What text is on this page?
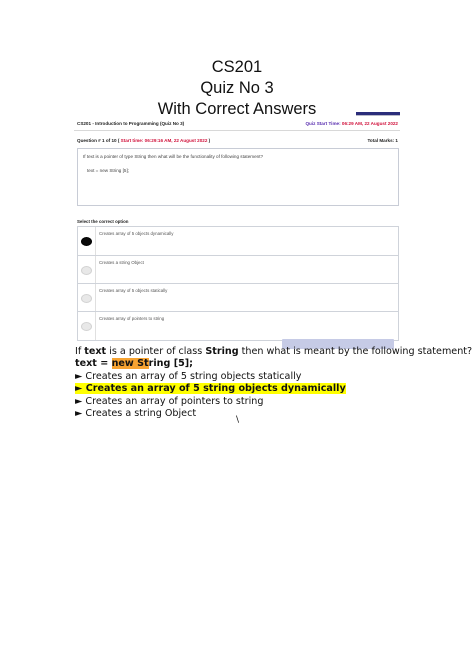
CS201
Quiz No 3
With Correct Answers
CS201 - Introduction to Programming (Quiz No 3)	Quiz Start Time: 06:29 AM, 22 August 2022
Question # 1 of 10 ( Start time: 06:29:16 AM, 22 August 2022 )	Total Marks: 1
If text is a pointer of type String then what will be the functionality of following statement?
text = new String [5];
Select the correct option
Creates array of 5 objects dynamically
Creates a string Object
Creates array of 5 objects statically
Creates array of pointers to string
If text is a pointer of class String then what is meant by the following statement?
text = new String [5];
► Creates an array of 5 string objects statically
► Creates an array of 5 string objects dynamically
► Creates an array of pointers to string
► Creates a string Object
\
